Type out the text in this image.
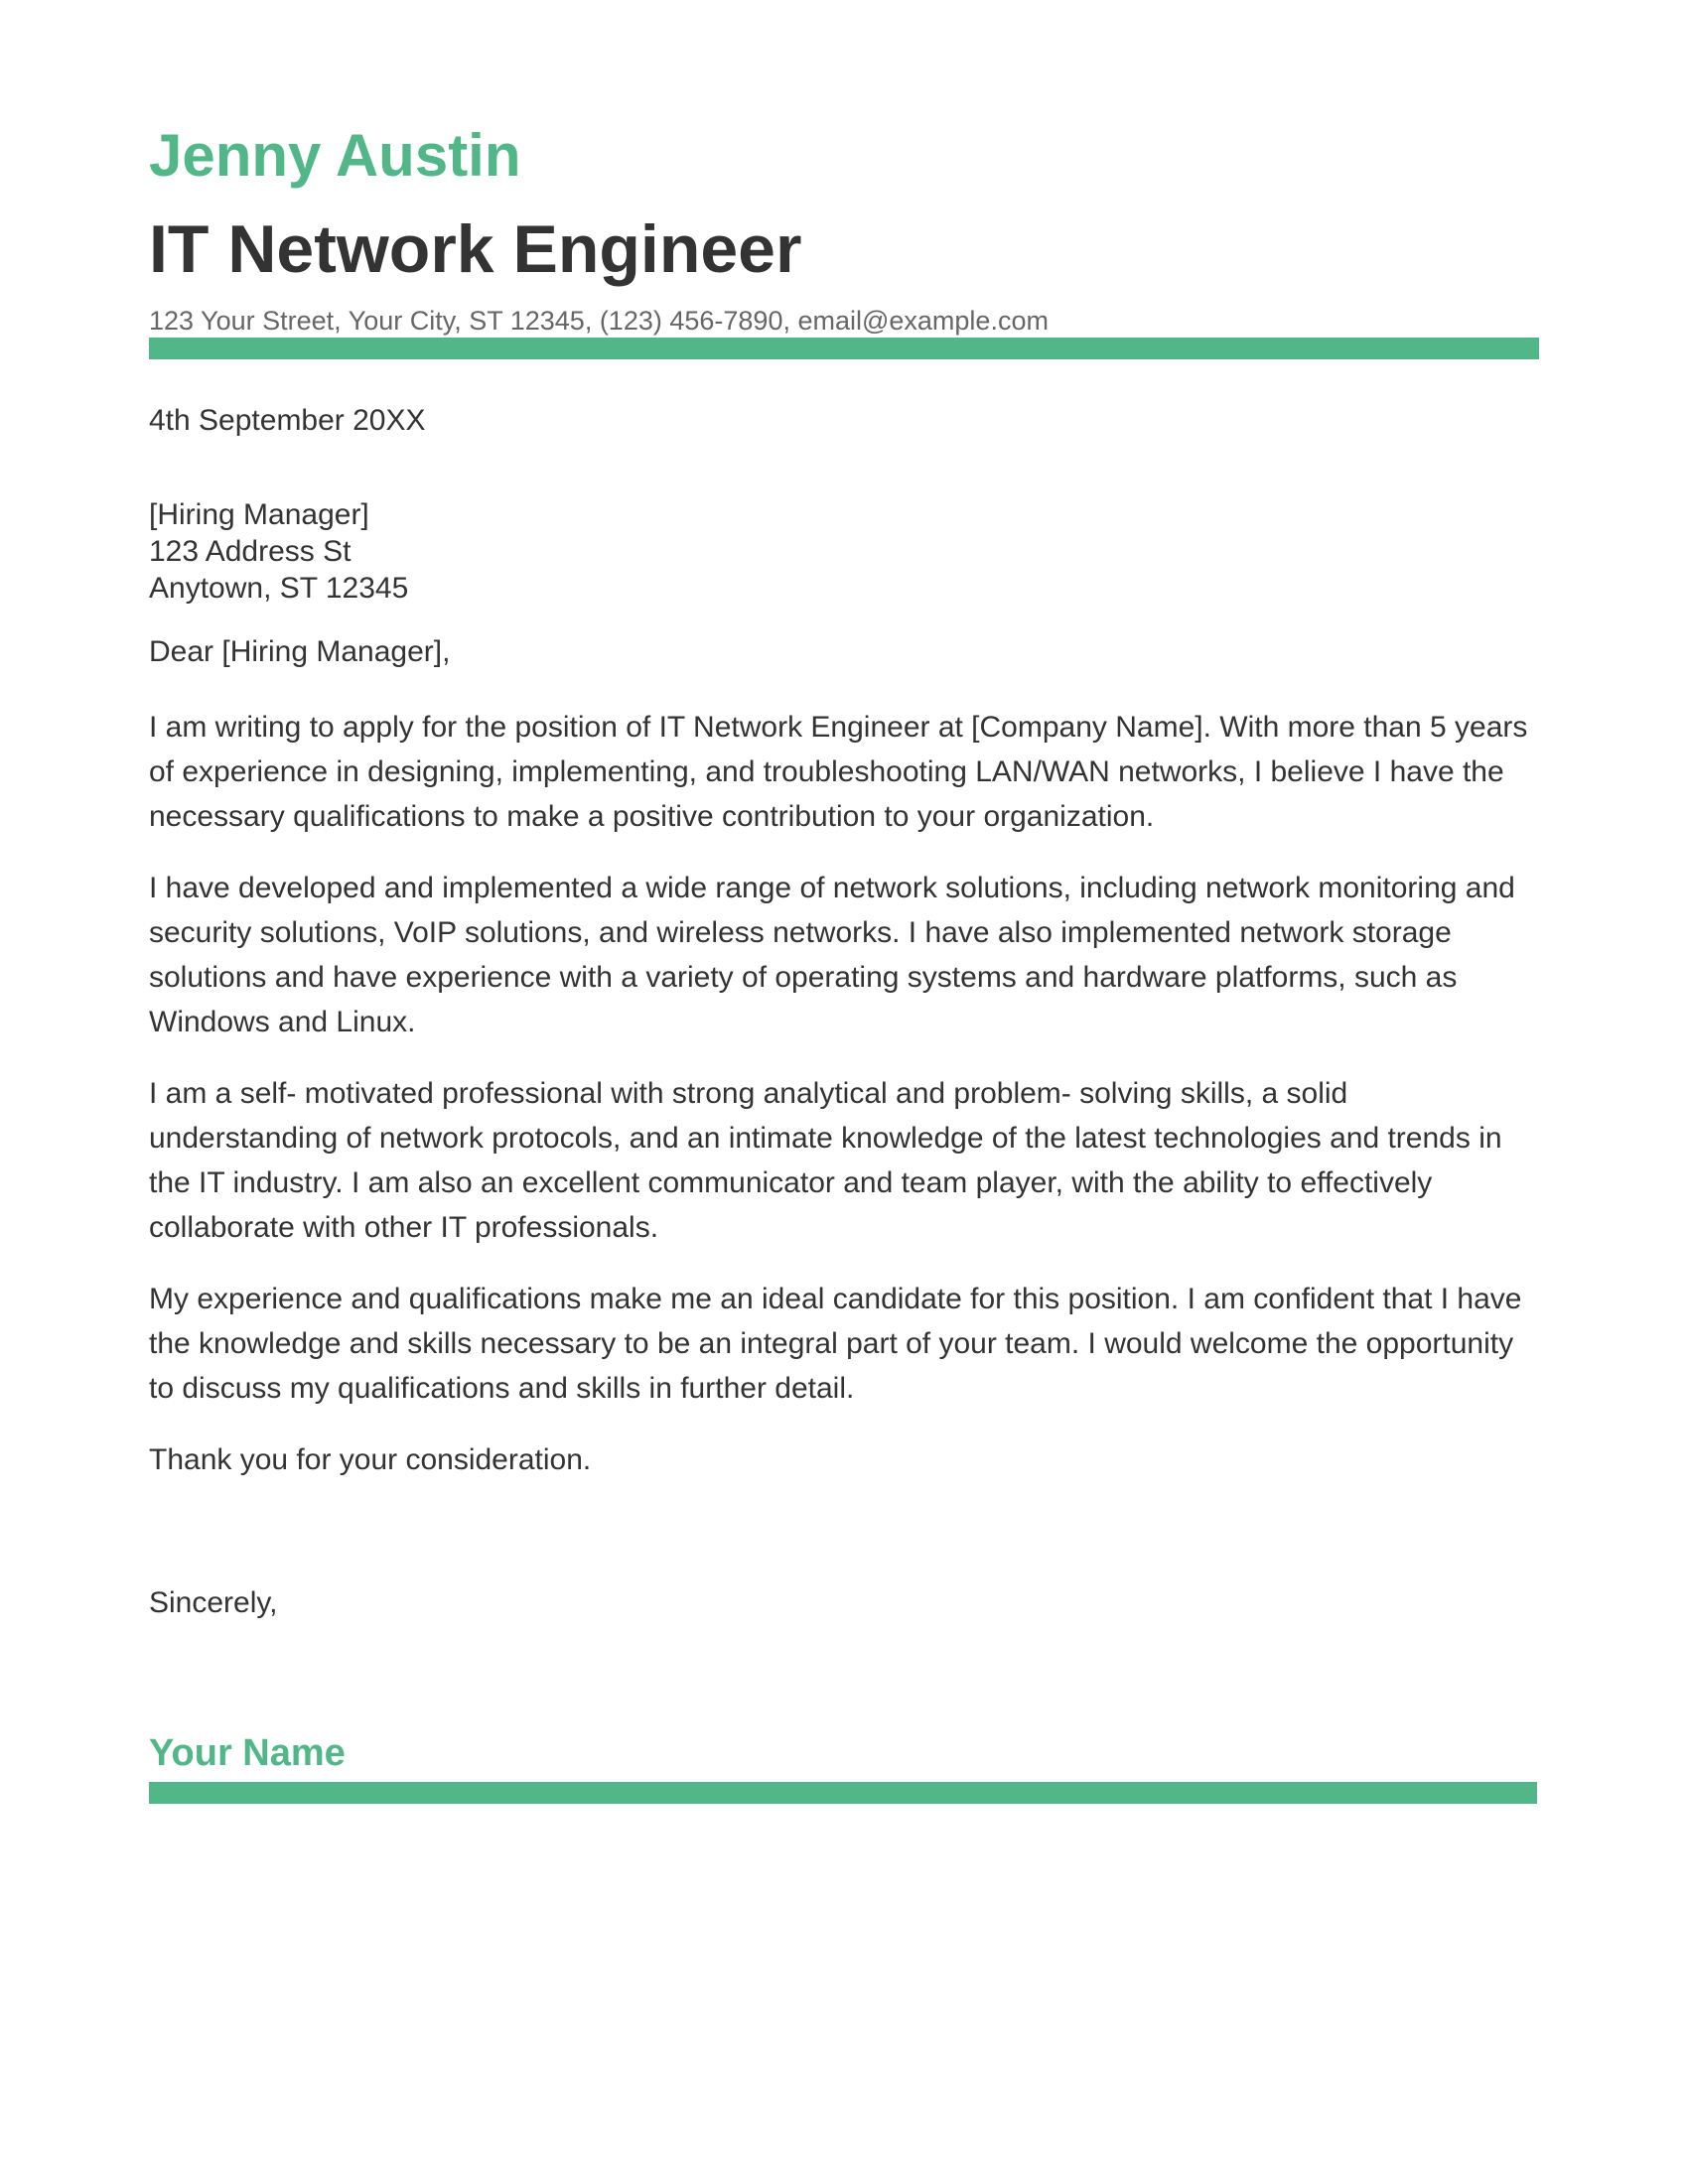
Jenny Austin
IT Network Engineer
123 Your Street, Your City, ST 12345, (123) 456-7890, email@example.com
4th September 20XX
[Hiring Manager]
123 Address St
Anytown, ST 12345
Dear [Hiring Manager],

I am writing to apply for the position of IT Network Engineer at [Company Name]. With more than 5 years of experience in designing, implementing, and troubleshooting LAN/WAN networks, I believe I have the necessary qualifications to make a positive contribution to your organization.

I have developed and implemented a wide range of network solutions, including network monitoring and security solutions, VoIP solutions, and wireless networks. I have also implemented network storage solutions and have experience with a variety of operating systems and hardware platforms, such as Windows and Linux.

I am a self- motivated professional with strong analytical and problem- solving skills, a solid understanding of network protocols, and an intimate knowledge of the latest technologies and trends in the IT industry. I am also an excellent communicator and team player, with the ability to effectively collaborate with other IT professionals.

My experience and qualifications make me an ideal candidate for this position. I am confident that I have the knowledge and skills necessary to be an integral part of your team. I would welcome the opportunity to discuss my qualifications and skills in further detail.

Thank you for your consideration.

Sincerely,
Your Name
